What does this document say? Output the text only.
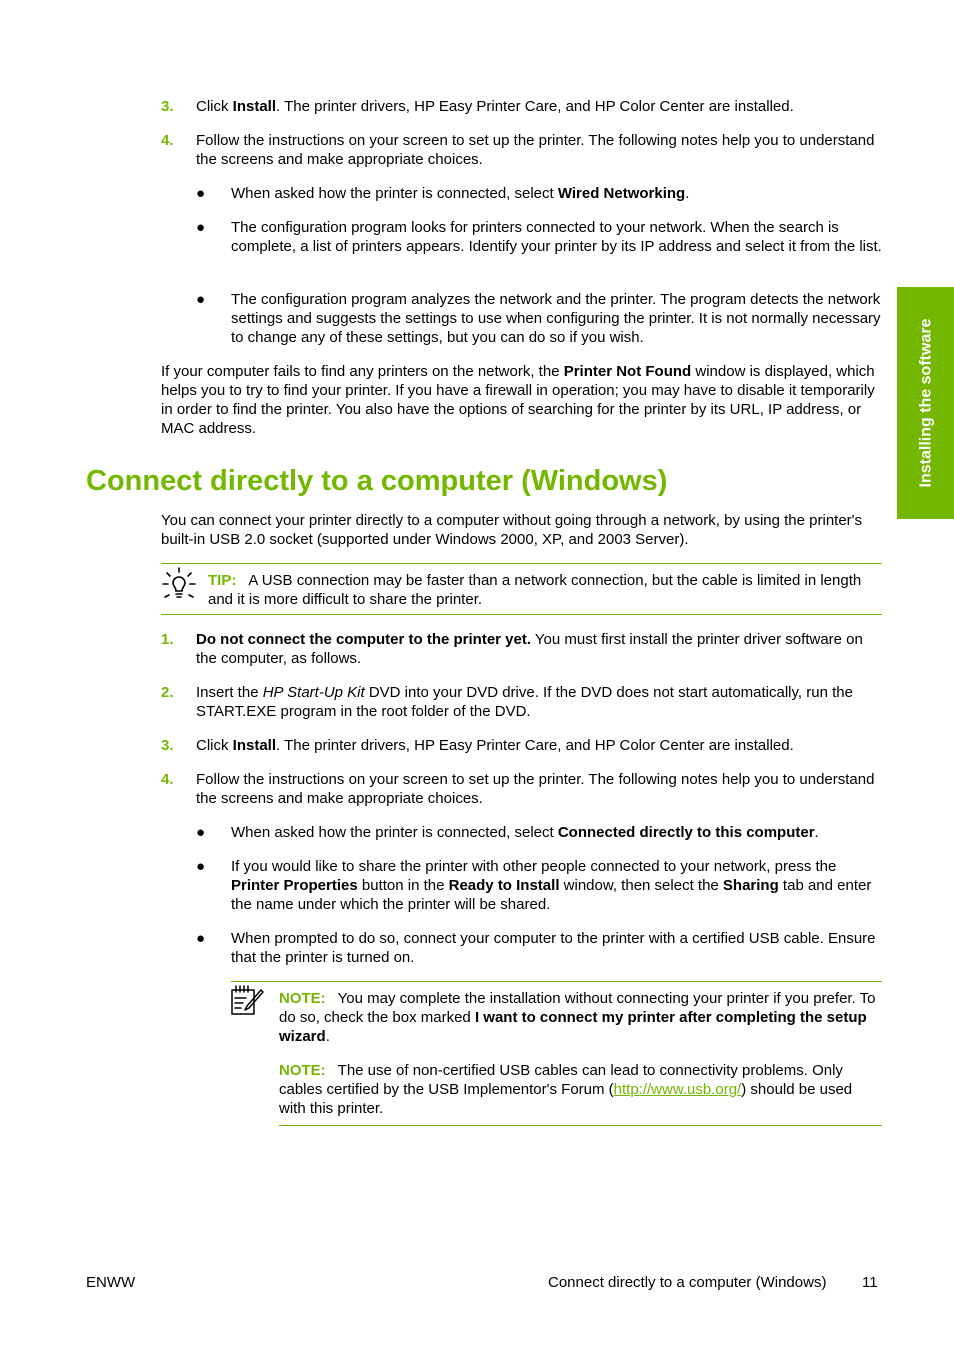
Installing the software
3. Click Install. The printer drivers, HP Easy Printer Care, and HP Color Center are installed.
4. Follow the instructions on your screen to set up the printer. The following notes help you to understand the screens and make appropriate choices.
● When asked how the printer is connected, select Wired Networking.
● The configuration program looks for printers connected to your network. When the search is complete, a list of printers appears. Identify your printer by its IP address and select it from the list.
● The configuration program analyzes the network and the printer. The program detects the network settings and suggests the settings to use when configuring the printer. It is not normally necessary to change any of these settings, but you can do so if you wish.
If your computer fails to find any printers on the network, the Printer Not Found window is displayed, which helps you to try to find your printer. If you have a firewall in operation; you may have to disable it temporarily in order to find the printer. You also have the options of searching for the printer by its URL, IP address, or MAC address.
Connect directly to a computer (Windows)
You can connect your printer directly to a computer without going through a network, by using the printer's built-in USB 2.0 socket (supported under Windows 2000, XP, and 2003 Server).
TIP: A USB connection may be faster than a network connection, but the cable is limited in length and it is more difficult to share the printer.
1. Do not connect the computer to the printer yet. You must first install the printer driver software on the computer, as follows.
2. Insert the HP Start-Up Kit DVD into your DVD drive. If the DVD does not start automatically, run the START.EXE program in the root folder of the DVD.
3. Click Install. The printer drivers, HP Easy Printer Care, and HP Color Center are installed.
4. Follow the instructions on your screen to set up the printer. The following notes help you to understand the screens and make appropriate choices.
● When asked how the printer is connected, select Connected directly to this computer.
● If you would like to share the printer with other people connected to your network, press the Printer Properties button in the Ready to Install window, then select the Sharing tab and enter the name under which the printer will be shared.
● When prompted to do so, connect your computer to the printer with a certified USB cable. Ensure that the printer is turned on.
NOTE: You may complete the installation without connecting your printer if you prefer. To do so, check the box marked I want to connect my printer after completing the setup wizard.
NOTE: The use of non-certified USB cables can lead to connectivity problems. Only cables certified by the USB Implementor's Forum (http://www.usb.org/) should be used with this printer.
ENWW	Connect directly to a computer (Windows) 11
